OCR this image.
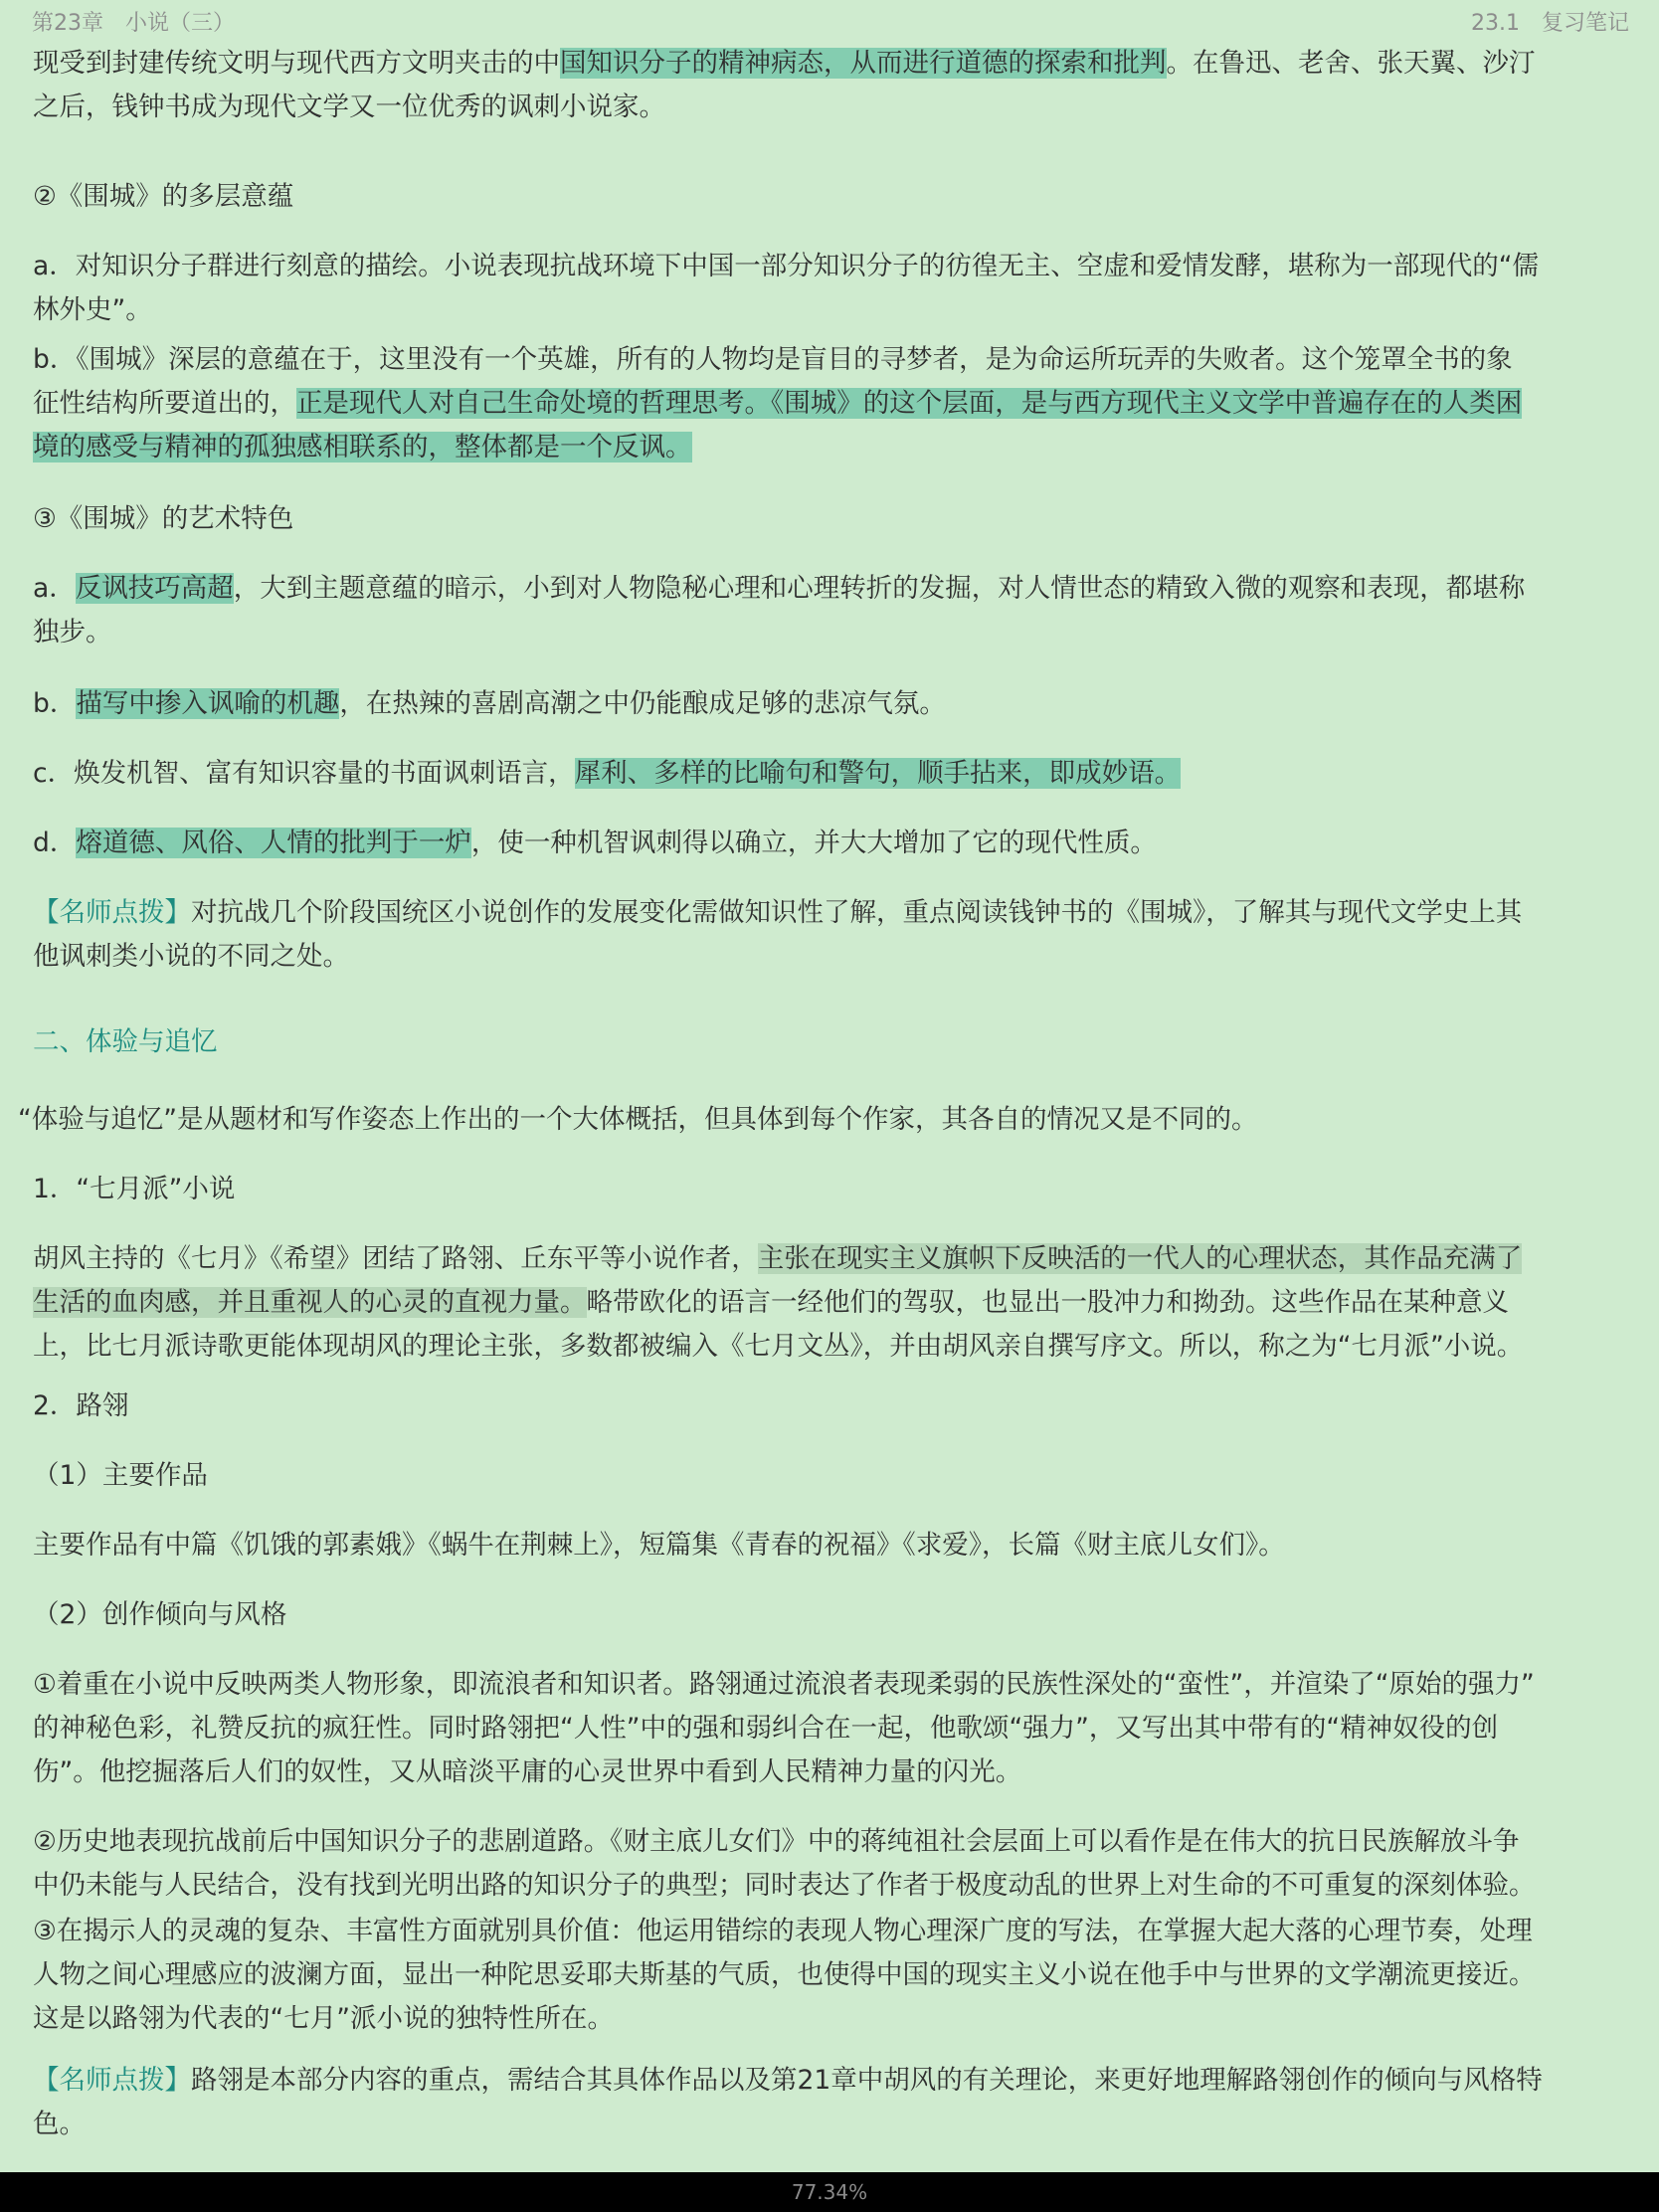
第23章 小说（三）	23.1 复习笔记
现受到封建传统文明与现代西方文明夹击的中国知识分子的精神病态，从而进行道德的探索和批判。在鲁迅、老舍、张天翼、沙汀
之后，钱钟书成为现代文学又一位优秀的讽刺小说家。
②《围城》的多层意蕴
a．对知识分子群进行刻意的描绘。小说表现抗战环境下中国一部分知识分子的彷徨无主、空虚和爱情发酵，堪称为一部现代的“儒
林外史”。
b．《围城》深层的意蕴在于，这里没有一个英雄，所有的人物均是盲目的寻梦者，是为命运所玩弄的失败者。这个笼罩全书的象
征性结构所要道出的，正是现代人对自己生命处境的哲理思考。《围城》的这个层面，是与西方现代主义文学中普遍存在的人类困
境的感受与精神的孤独感相联系的，整体都是一个反讽。
③《围城》的艺术特色
a．反讽技巧高超，大到主题意蕴的暗示，小到对人物隐秘心理和心理转折的发掘，对人情世态的精致入微的观察和表现，都堪称
独步。
b．描写中掺入讽喻的机趣，在热辣的喜剧高潮之中仍能酿成足够的悲凉气氛。
c．焕发机智、富有知识容量的书面讽刺语言，犀利、多样的比喻句和警句，顺手拈来，即成妙语。
d．熔道德、风俗、人情的批判于一炉，使一种机智讽刺得以确立，并大大增加了它的现代性质。
【名师点拨】对抗战几个阶段国统区小说创作的发展变化需做知识性了解，重点阅读钱钟书的《围城》，了解其与现代文学史上其
他讽刺类小说的不同之处。
二、体验与追忆
“体验与追忆”是从题材和写作姿态上作出的一个大体概括，但具体到每个作家，其各自的情况又是不同的。
1．“七月派”小说
胡风主持的《七月》《希望》团结了路翎、丘东平等小说作者，主张在现实主义旗帜下反映活的一代人的心理状态，其作品充满了
生活的血肉感，并且重视人的心灵的直视力量。略带欧化的语言一经他们的驾驭，也显出一股冲力和拗劲。这些作品在某种意义
上，比七月派诗歌更能体现胡风的理论主张，多数都被编入《七月文丛》，并由胡风亲自撰写序文。所以，称之为“七月派”小说。
2．路翎
（1）主要作品
主要作品有中篇《饥饿的郭素娥》《蜗牛在荆棘上》，短篇集《青春的祝福》《求爱》，长篇《财主底儿女们》。
（2）创作倾向与风格
①着重在小说中反映两类人物形象，即流浪者和知识者。路翎通过流浪者表现柔弱的民族性深处的“蛮性”，并渲染了“原始的强力”
的神秘色彩，礼赞反抗的疯狂性。同时路翎把“人性”中的强和弱纠合在一起，他歌颂“强力”，又写出其中带有的“精神奴役的创
伤”。他挖掘落后人们的奴性，又从暗淡平庸的心灵世界中看到人民精神力量的闪光。
②历史地表现抗战前后中国知识分子的悲剧道路。《财主底儿女们》中的蒋纯祖社会层面上可以看作是在伟大的抗日民族解放斗争
中仍未能与人民结合，没有找到光明出路的知识分子的典型；同时表达了作者于极度动乱的世界上对生命的不可重复的深刻体验。
③在揭示人的灵魂的复杂、丰富性方面就别具价值：他运用错综的表现人物心理深广度的写法，在掌握大起大落的心理节奏，处理
人物之间心理感应的波澜方面，显出一种陀思妥耶夫斯基的气质，也使得中国的现实主义小说在他手中与世界的文学潮流更接近。
这是以路翎为代表的“七月”派小说的独特性所在。
【名师点拨】路翎是本部分内容的重点，需结合其具体作品以及第21章中胡风的有关理论，来更好地理解路翎创作的倾向与风格特
色。
77.34%
